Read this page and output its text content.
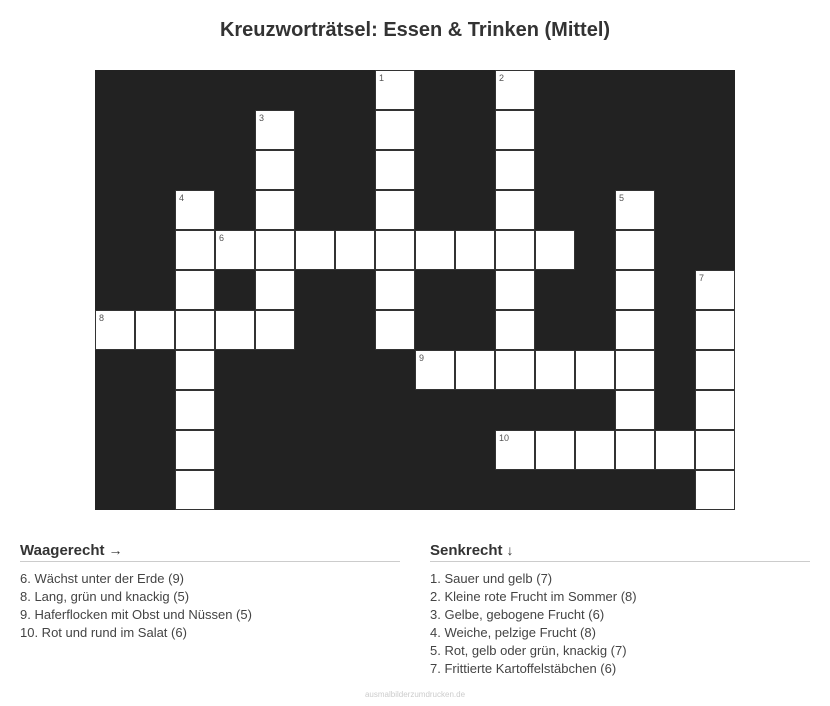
Kreuzworträtsel: Essen & Trinken (Mittel)
1	2
3
4	5
6
7
8
9
10
Waagerecht →
6. Wächst unter der Erde (9)
8. Lang, grün und knackig (5)
9. Haferflocken mit Obst und Nüssen (5)
10. Rot und rund im Salat (6)
Senkrecht ↓
1. Sauer und gelb (7)
2. Kleine rote Frucht im Sommer (8)
3. Gelbe, gebogene Frucht (6)
4. Weiche, pelzige Frucht (8)
5. Rot, gelb oder grün, knackig (7)
7. Frittierte Kartoffelstäbchen (6)
ausmalbilderzumdrucken.de
